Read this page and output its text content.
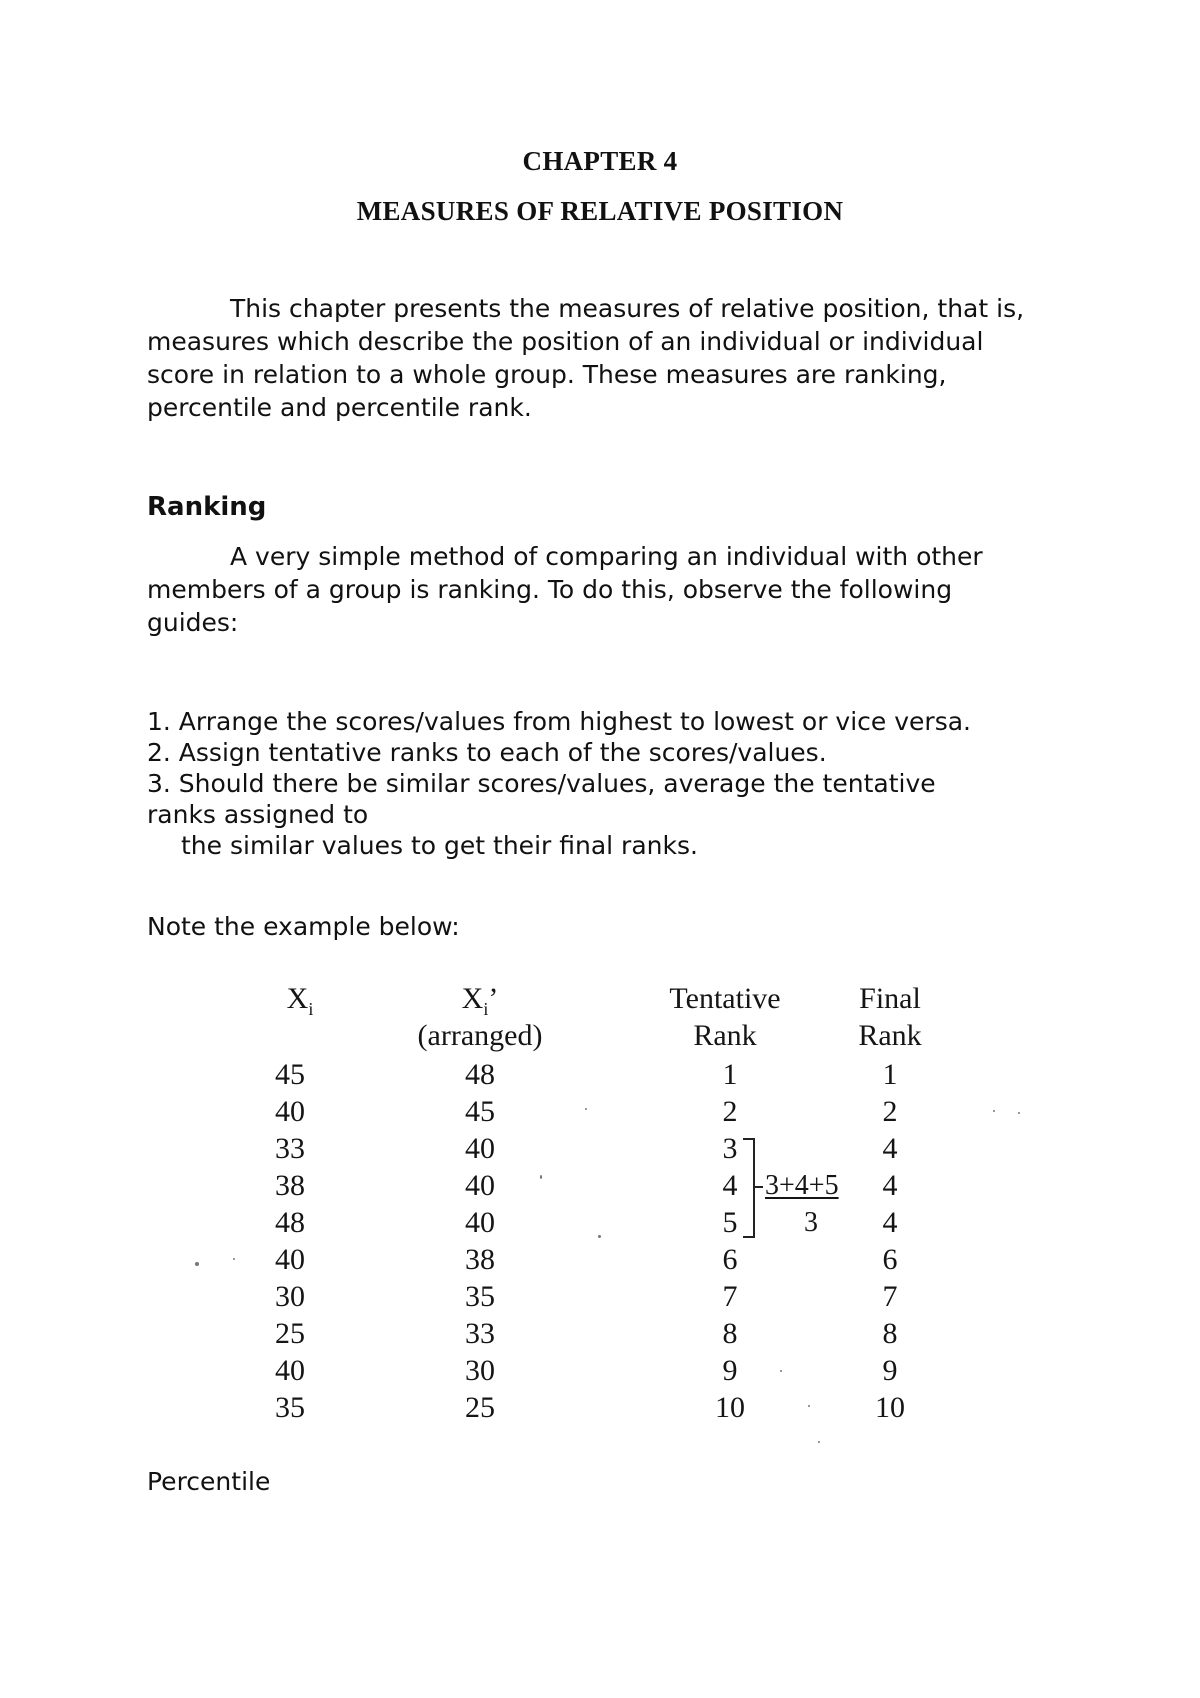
CHAPTER 4
MEASURES OF RELATIVE POSITION
This chapter presents the measures of relative position, that is, measures which describe the position of an individual or individual score in relation to a whole group. These measures are ranking, percentile and percentile rank.
Ranking
A very simple method of comparing an individual with other members of a group is ranking. To do this, observe the following guides:
1. Arrange the scores/values from highest to lowest or vice versa.
2. Assign tentative ranks to each of the scores/values.
3. Should there be similar scores/values, average the tentative
ranks assigned to
the similar values to get their final ranks.
Note the example below:
$X_i$	$X_i$’
(arranged)
Tentative
Rank
Final
Rank
45
40
33
38
48
40
30
25
40
35
48
45
40
40
40
38
35
33
30
25
1
2
3
4
5
6
7
8
9
10
3+4+5
3
1
2
4
4
4
6
7
8
9
10
Percentile
